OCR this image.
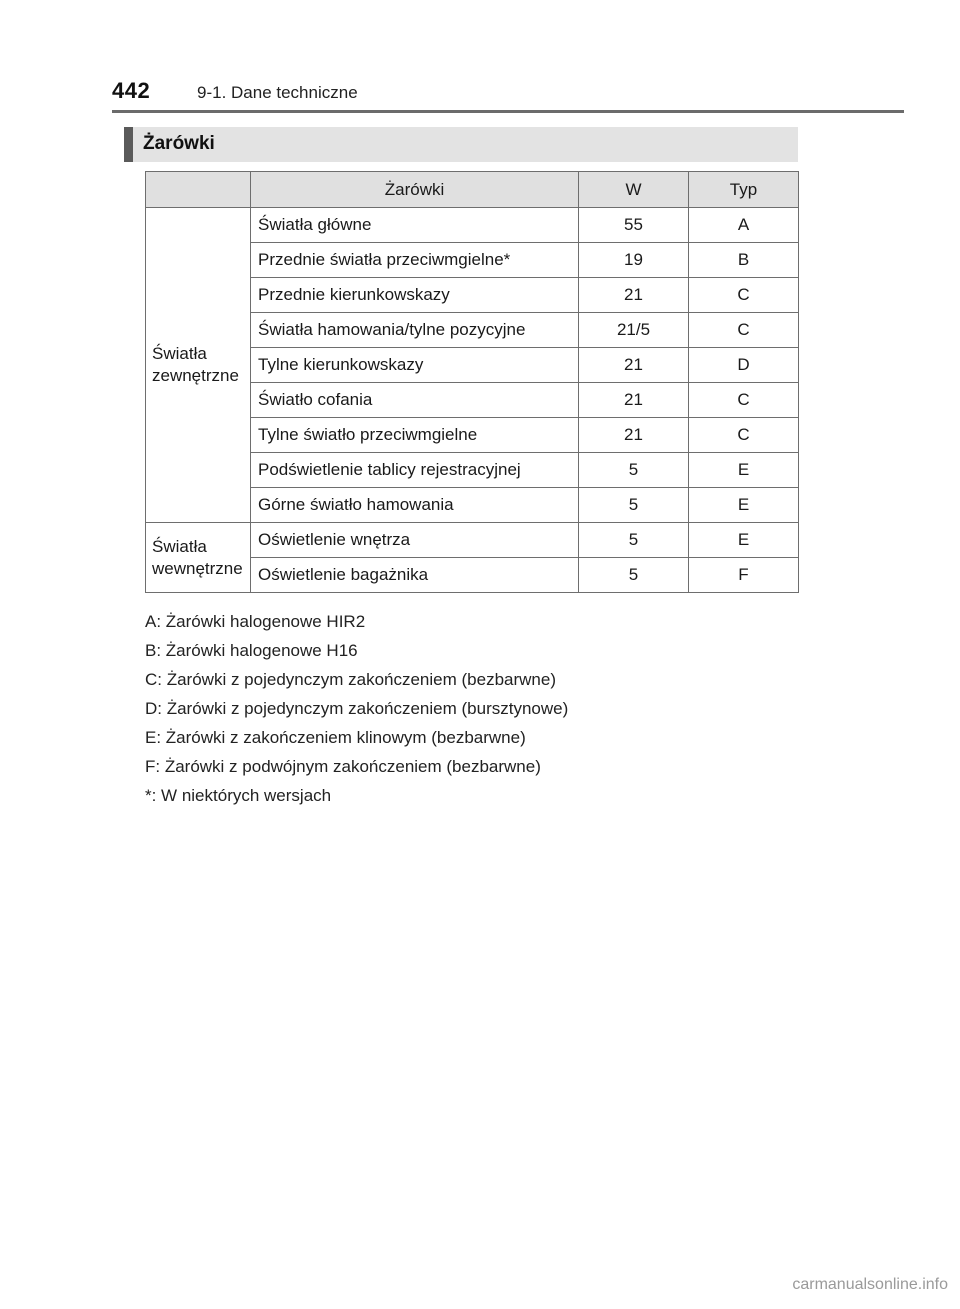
442	9-1. Dane techniczne
Żarówki
	Żarówki	W	Typ
Światła
zewnętrzne	Światła główne	55	A
	Przednie światła przeciwmgielne*	19	B
	Przednie kierunkowskazy	21	C
	Światła hamowania/tylne pozycyjne	21/5	C
	Tylne kierunkowskazy	21	D
	Światło cofania	21	C
	Tylne światło przeciwmgielne	21	C
	Podświetlenie tablicy rejestracyjnej	5	E
	Górne światło hamowania	5	E
Światła
wewnętrzne	Oświetlenie wnętrza	5	E
	Oświetlenie bagażnika	5	F
A: Żarówki halogenowe HIR2
B: Żarówki halogenowe H16
C: Żarówki z pojedynczym zakończeniem (bezbarwne)
D: Żarówki z pojedynczym zakończeniem (bursztynowe)
E: Żarówki z zakończeniem klinowym (bezbarwne)
F: Żarówki z podwójnym zakończeniem (bezbarwne)
*: W niektórych wersjach
carmanualsonline.info
